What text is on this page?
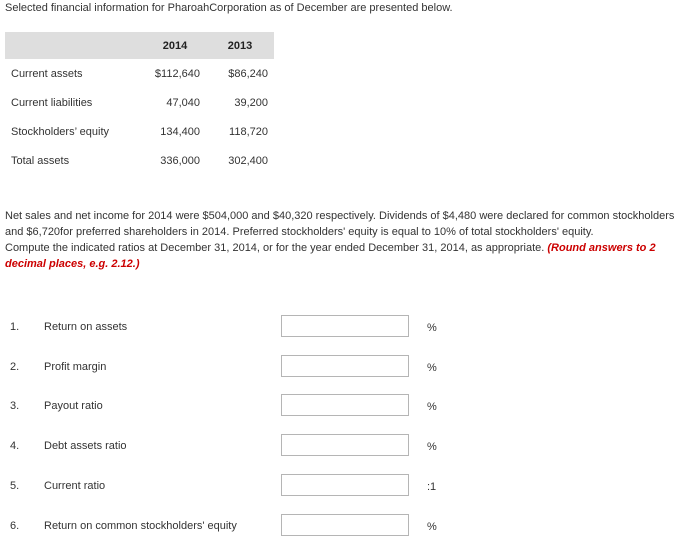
Selected financial information for PharoahCorporation as of December are presented below.
	2014	2013
Current assets	$112,640	$86,240
Current liabilities	47,040	39,200
Stockholders’ equity	134,400	118,720
Total assets	336,000	302,400
Net sales and net income for 2014 were $504,000 and $40,320 respectively. Dividends of $4,480 were declared for common stockholders and $6,720for preferred shareholders in 2014. Preferred stockholders' equity is equal to 10% of total stockholders' equity.
Compute the indicated ratios at December 31, 2014, or for the year ended December 31, 2014, as appropriate. (Round answers to 2 decimal places, e.g. 2.12.)
1. Return on assets	%
2. Profit margin	%
3. Payout ratio	%
4. Debt assets ratio	%
5. Current ratio	:1
6. Return on common stockholders' equity	%
